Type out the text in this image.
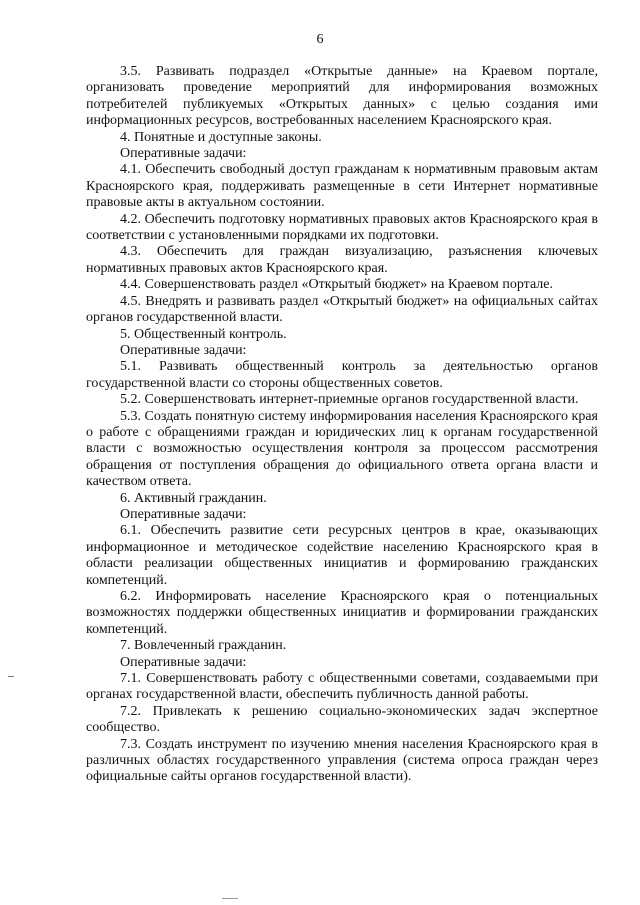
6

3.5. Развивать подраздел «Открытые данные» на Краевом портале, организовать проведение мероприятий для информирования возможных потребителей публикуемых «Открытых данных» с целью создания ими информационных ресурсов, востребованных населением Красноярского края.

4. Понятные и доступные законы.

Оперативные задачи:

4.1. Обеспечить свободный доступ гражданам к нормативным правовым актам Красноярского края, поддерживать размещенные в сети Интернет нормативные правовые акты в актуальном состоянии.

4.2. Обеспечить подготовку нормативных правовых актов Красноярского края в соответствии с установленными порядками их подготовки.

4.3. Обеспечить для граждан визуализацию, разъяснения ключевых нормативных правовых актов Красноярского края.

4.4. Совершенствовать раздел «Открытый бюджет» на Краевом портале.

4.5. Внедрять и развивать раздел «Открытый бюджет» на официальных сайтах органов государственной власти.

5. Общественный контроль.

Оперативные задачи:

5.1. Развивать общественный контроль за деятельностью органов государственной власти со стороны общественных советов.

5.2. Совершенствовать интернет-приемные органов государственной власти.

5.3. Создать понятную систему информирования населения Красноярского края о работе с обращениями граждан и юридических лиц к органам государственной власти с возможностью осуществления контроля за процессом рассмотрения обращения от поступления обращения до официального ответа органа власти и качеством ответа.

6. Активный гражданин.

Оперативные задачи:

6.1. Обеспечить развитие сети ресурсных центров в крае, оказывающих информационное и методическое содействие населению Красноярского края в области реализации общественных инициатив и формированию гражданских компетенций.

6.2. Информировать население Красноярского края о потенциальных возможностях поддержки общественных инициатив и формировании гражданских компетенций.

7. Вовлеченный гражданин.

Оперативные задачи:

7.1. Совершенствовать работу с общественными советами, создаваемыми при органах государственной власти, обеспечить публичность данной работы.

7.2. Привлекать к решению социально-экономических задач экспертное сообщество.

7.3. Создать инструмент по изучению мнения населения Красноярского края в различных областях государственного управления (система опроса граждан через официальные сайты органов государственной власти).
